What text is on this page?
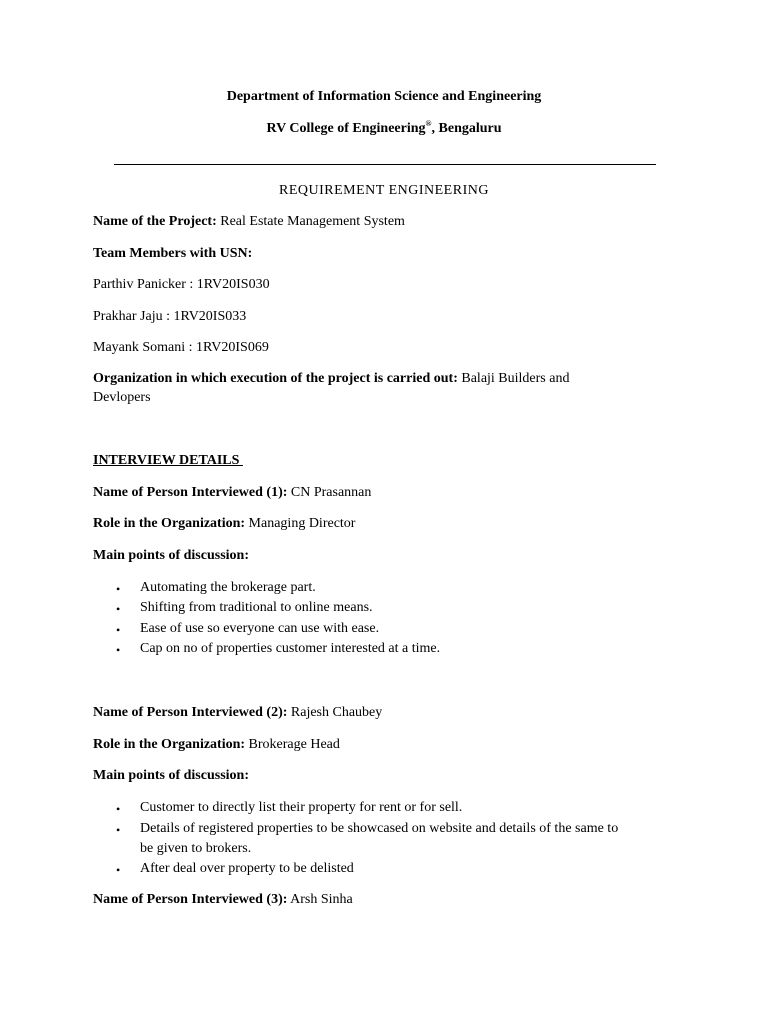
Department of Information Science and Engineering
RV College of Engineering®, Bengaluru
REQUIREMENT ENGINEERING
Name of the Project: Real Estate Management System
Team Members with USN:
Parthiv Panicker : 1RV20IS030
Prakhar Jaju : 1RV20IS033
Mayank Somani : 1RV20IS069
Organization in which execution of the project is carried out: Balaji Builders and
Devlopers
INTERVIEW DETAILS
Name of Person Interviewed (1): CN Prasannan
Role in the Organization: Managing Director
Main points of discussion:
• Automating the brokerage part.
• Shifting from traditional to online means.
• Ease of use so everyone can use with ease.
• Cap on no of properties customer interested at a time.
Name of Person Interviewed (2): Rajesh Chaubey
Role in the Organization: Brokerage Head
Main points of discussion:
• Customer to directly list their property for rent or for sell.
• Details of registered properties to be showcased on website and details of the same to
be given to brokers.
• After deal over property to be delisted
Name of Person Interviewed (3): Arsh Sinha
